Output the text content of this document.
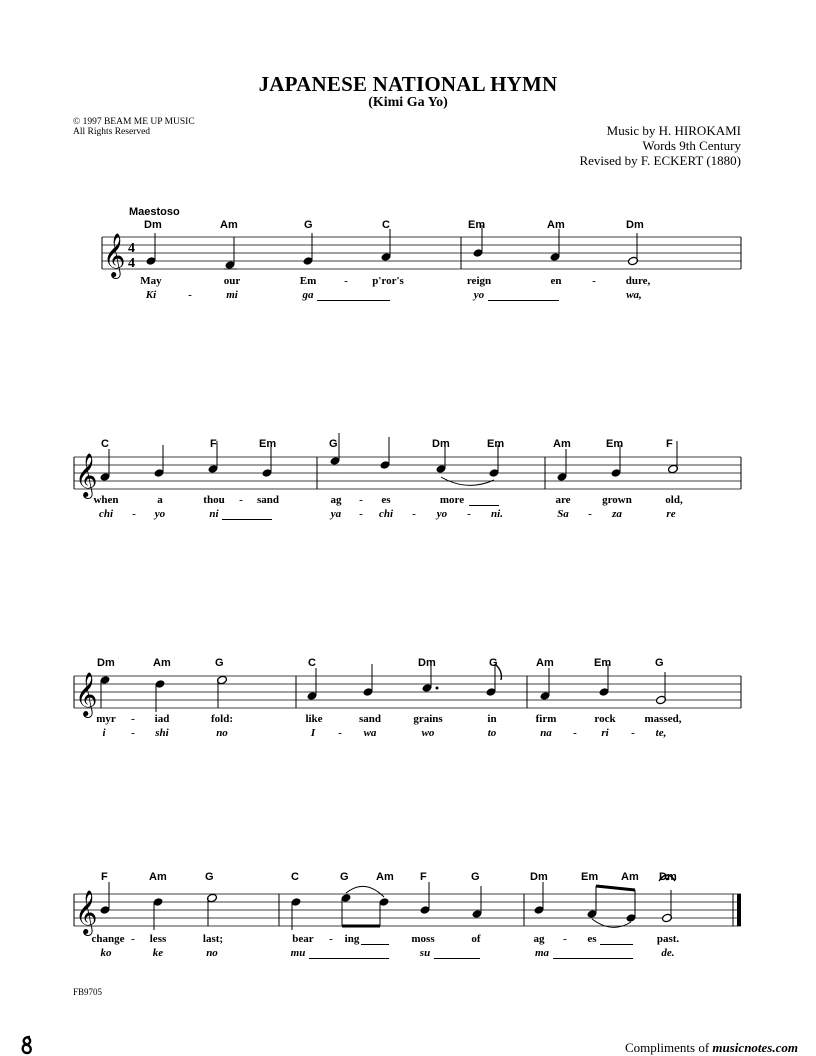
JAPANESE NATIONAL HYMN
(Kimi Ga Yo)
© 1997 BEAM ME UP MUSIC
All Rights Reserved	Music by H. HIROKAMI
Words 9th Century
Revised by F. ECKERT (1880)
Maestoso
𝄞 4
4
𝄞
𝄞
𝄞
Dm	Am	G	C	Em	Am	Dm
May	our	Em	- p'ror's	reign	en	-	dure,
Ki	-	mi	ga	yo	wa,
C	F	Em	G	Dm	Em	Am	Em	F
when	a	thou - sand	ag - es	more	are	grown	old,
chi - yo	ni	ya - chi - yo - ni.	Sa - za	re
Dm	Am	G	C	Dm	G	Am	Em	G
myr - iad	fold:	like	sand	grains	in	firm	rock	massed,
i - shi	no	I - wa	wo	to	na - ri - te,
F	Am	G	C	G Am F	G	Dm	Em Am Dm
change - less	last;	bear - ing	moss	of	ag - es	past.
ko	ke	no	mu	su	ma	de.
FB9705
Compliments of musicnotes.com
